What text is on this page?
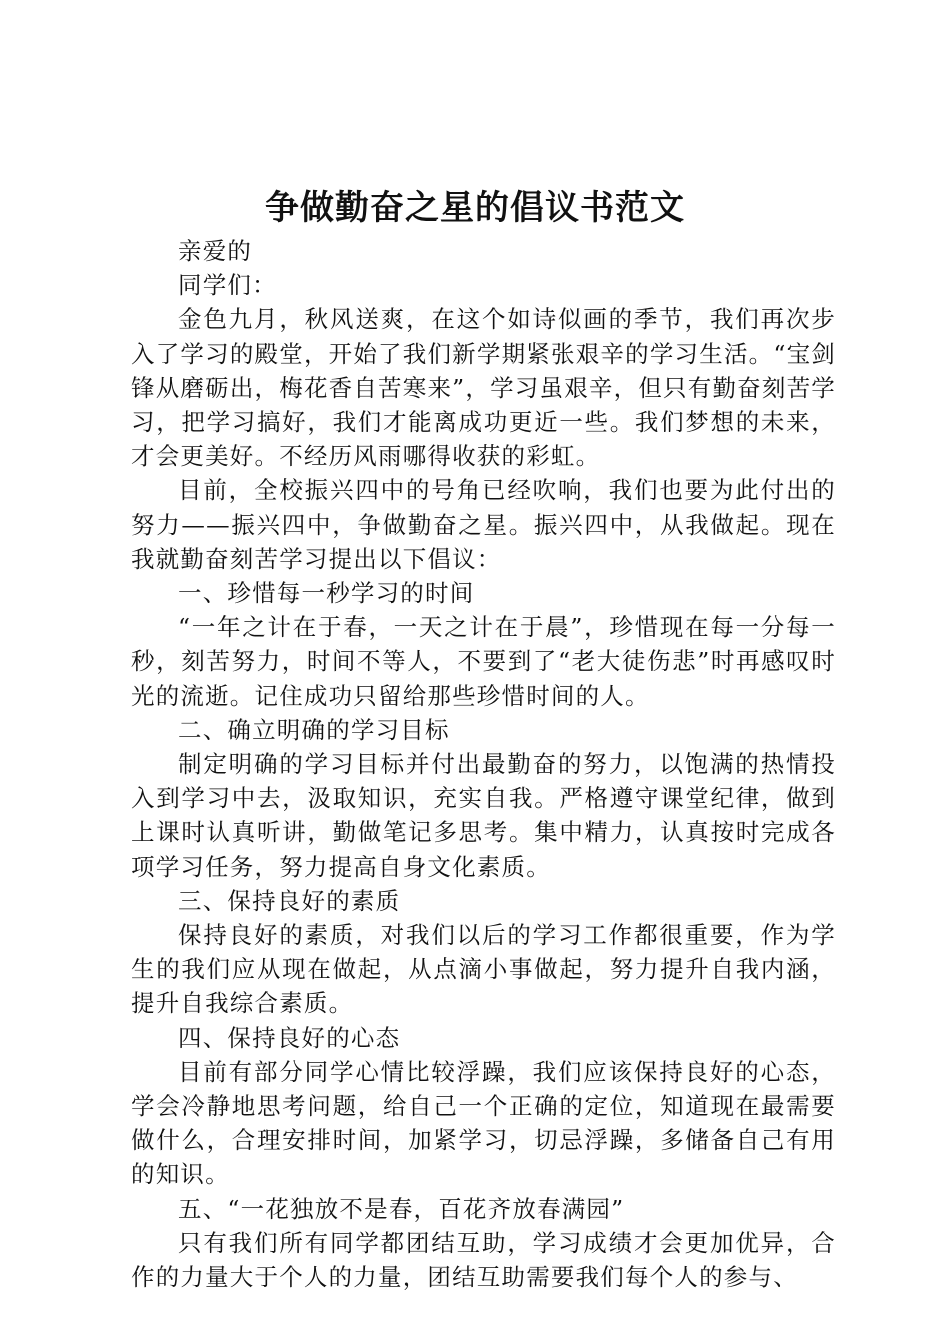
争做勤奋之星的倡议书范文

亲爱的

同学们：

金色九月，秋风送爽，在这个如诗似画的季节，我们再次步入了学习的殿堂，开始了我们新学期紧张艰辛的学习生活。“宝剑锋从磨砺出，梅花香自苦寒来”，学习虽艰辛，但只有勤奋刻苦学习，把学习搞好，我们才能离成功更近一些。我们梦想的未来，才会更美好。不经历风雨哪得收获的彩虹。

目前，全校振兴四中的号角已经吹响，我们也要为此付出的努力——振兴四中，争做勤奋之星。振兴四中，从我做起。现在我就勤奋刻苦学习提出以下倡议：

一、珍惜每一秒学习的时间

“一年之计在于春，一天之计在于晨”，珍惜现在每一分每一秒，刻苦努力，时间不等人，不要到了“老大徒伤悲”时再感叹时光的流逝。记住成功只留给那些珍惜时间的人。

二、确立明确的学习目标

制定明确的学习目标并付出最勤奋的努力，以饱满的热情投入到学习中去，汲取知识，充实自我。严格遵守课堂纪律，做到上课时认真听讲，勤做笔记多思考。集中精力，认真按时完成各项学习任务，努力提高自身文化素质。

三、保持良好的素质

保持良好的素质，对我们以后的学习工作都很重要，作为学生的我们应从现在做起，从点滴小事做起，努力提升自我内涵，提升自我综合素质。

四、保持良好的心态

目前有部分同学心情比较浮躁，我们应该保持良好的心态，学会冷静地思考问题，给自己一个正确的定位，知道现在最需要做什么，合理安排时间，加紧学习，切忌浮躁，多储备自己有用的知识。

五、“一花独放不是春，百花齐放春满园”

只有我们所有同学都团结互助，学习成绩才会更加优异，合作的力量大于个人的力量，团结互助需要我们每个人的参与、
